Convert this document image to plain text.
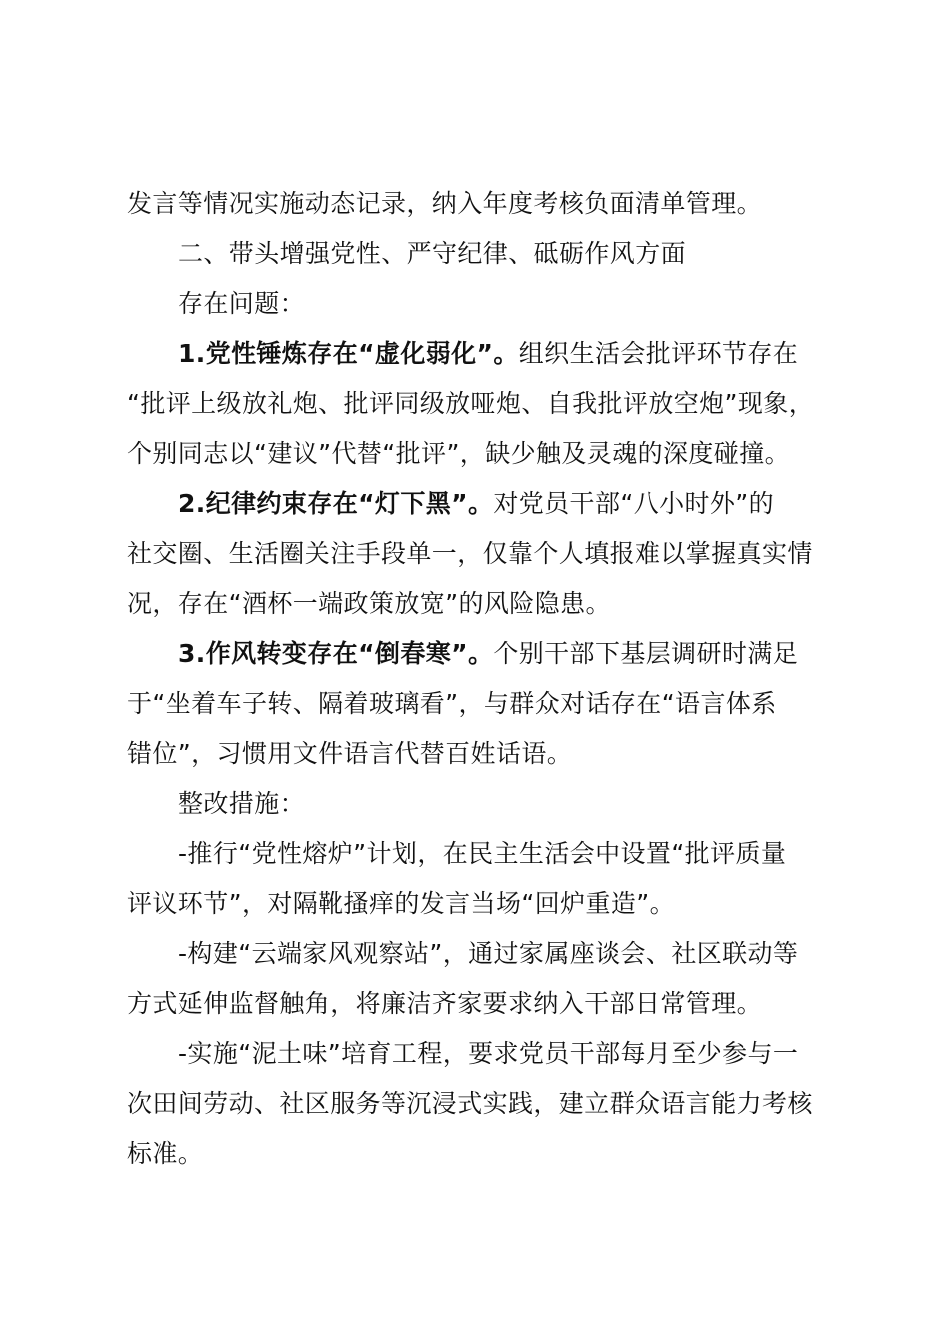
发言等情况实施动态记录，纳入年度考核负面清单管理。
二、带头增强党性、严守纪律、砥砺作风方面
存在问题：
1.党性锤炼存在“虚化弱化”。组织生活会批评环节存在
“批评上级放礼炮、批评同级放哑炮、自我批评放空炮”现象，
个别同志以“建议”代替“批评”，缺少触及灵魂的深度碰撞。
2.纪律约束存在“灯下黑”。对党员干部“八小时外”的
社交圈、生活圈关注手段单一，仅靠个人填报难以掌握真实情
况，存在“酒杯一端政策放宽”的风险隐患。
3.作风转变存在“倒春寒”。个别干部下基层调研时满足
于“坐着车子转、隔着玻璃看”，与群众对话存在“语言体系
错位”，习惯用文件语言代替百姓话语。
整改措施：
-推行“党性熔炉”计划，在民主生活会中设置“批评质量
评议环节”，对隔靴搔痒的发言当场“回炉重造”。
-构建“云端家风观察站”，通过家属座谈会、社区联动等
方式延伸监督触角，将廉洁齐家要求纳入干部日常管理。
-实施“泥土味”培育工程，要求党员干部每月至少参与一
次田间劳动、社区服务等沉浸式实践，建立群众语言能力考核
标准。
